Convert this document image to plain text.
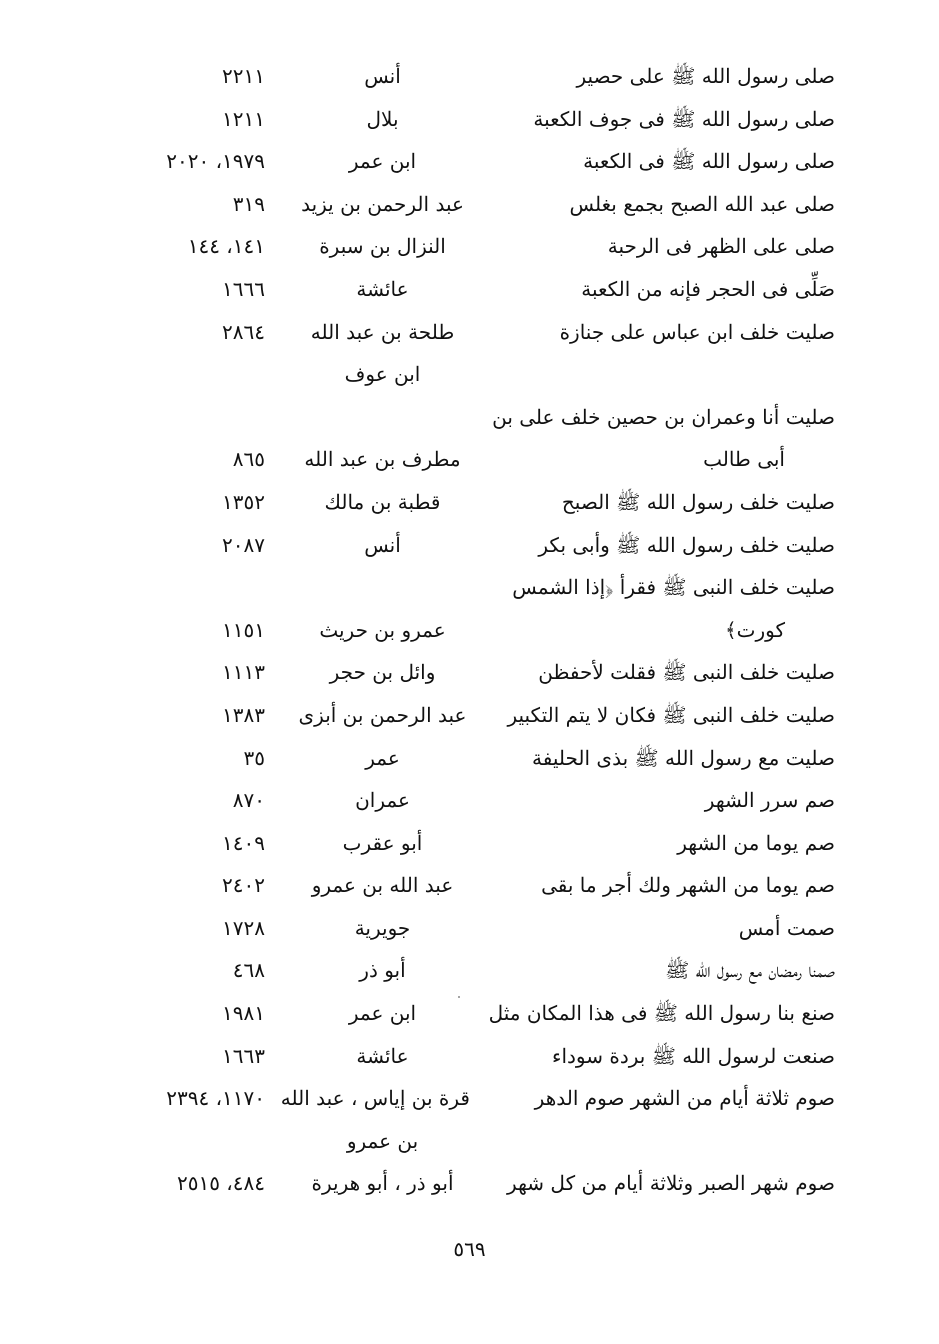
صلى رسول الله ﷺ على حصير
أنس
٢٢١١
صلى رسول الله ﷺ فى جوف الكعبة
بلال
١٢١١
صلى رسول الله ﷺ فى الكعبة
ابن عمر
١٩٧٩، ٢٠٢٠
صلى عبد الله الصبح بجمع بغلس
عبد الرحمن بن يزيد
٣١٩
صلى على الظهر فى الرحبة
النزال بن سبرة
١٤١، ١٤٤
صَلِّى فى الحجر فإنه من الكعبة
عائشة
١٦٦٦
صليت خلف ابن عباس على جنازة
طلحة بن عبد الله
٢٨٦٤
ابن عوف
صليت أنا وعمران بن حصين خلف على بن
أبى طالب
مطرف بن عبد الله
٨٦٥
صليت خلف رسول الله ﷺ الصبح
قطبة بن مالك
١٣٥٢
صليت خلف رسول الله ﷺ وأبى بكر
أنس
٢٠٨٧
صليت خلف النبى ﷺ فقرأ ﴿إذا الشمس
كورت﴾
عمرو بن حريث
١١٥١
صليت خلف النبى ﷺ فقلت لأحفظن
وائل بن حجر
١١١٣
صليت خلف النبى ﷺ فكان لا يتم التكبير
عبد الرحمن بن أبزى
١٣٨٣
صليت مع رسول الله ﷺ بذى الحليفة
عمر
٣٥
صم سرر الشهر
عمران
٨٧٠
صم يوما من الشهر
أبو عقرب
١٤٠٩
صم يوما من الشهر ولك أجر ما بقى
عبد الله بن عمرو
٢٤٠٢
صمت أمس
جويرية
١٧٢٨
صمنا رمضان مع رسول الله ﷺ
أبو ذر
٤٦٨
صنع بنا رسول الله ﷺ فى هذا المكان مثل
ابن عمر
١٩٨١
صنعت لرسول الله ﷺ بردة سوداء
عائشة
١٦٦٣
صوم ثلاثة أيام من الشهر صوم الدهر
قرة بن إياس ، عبد الله
١١٧٠، ٢٣٩٤
بن عمرو
صوم شهر الصبر وثلاثة أيام من كل شهر
أبو ذر ، أبو هريرة
٤٨٤، ٢٥١٥
٥٦٩
